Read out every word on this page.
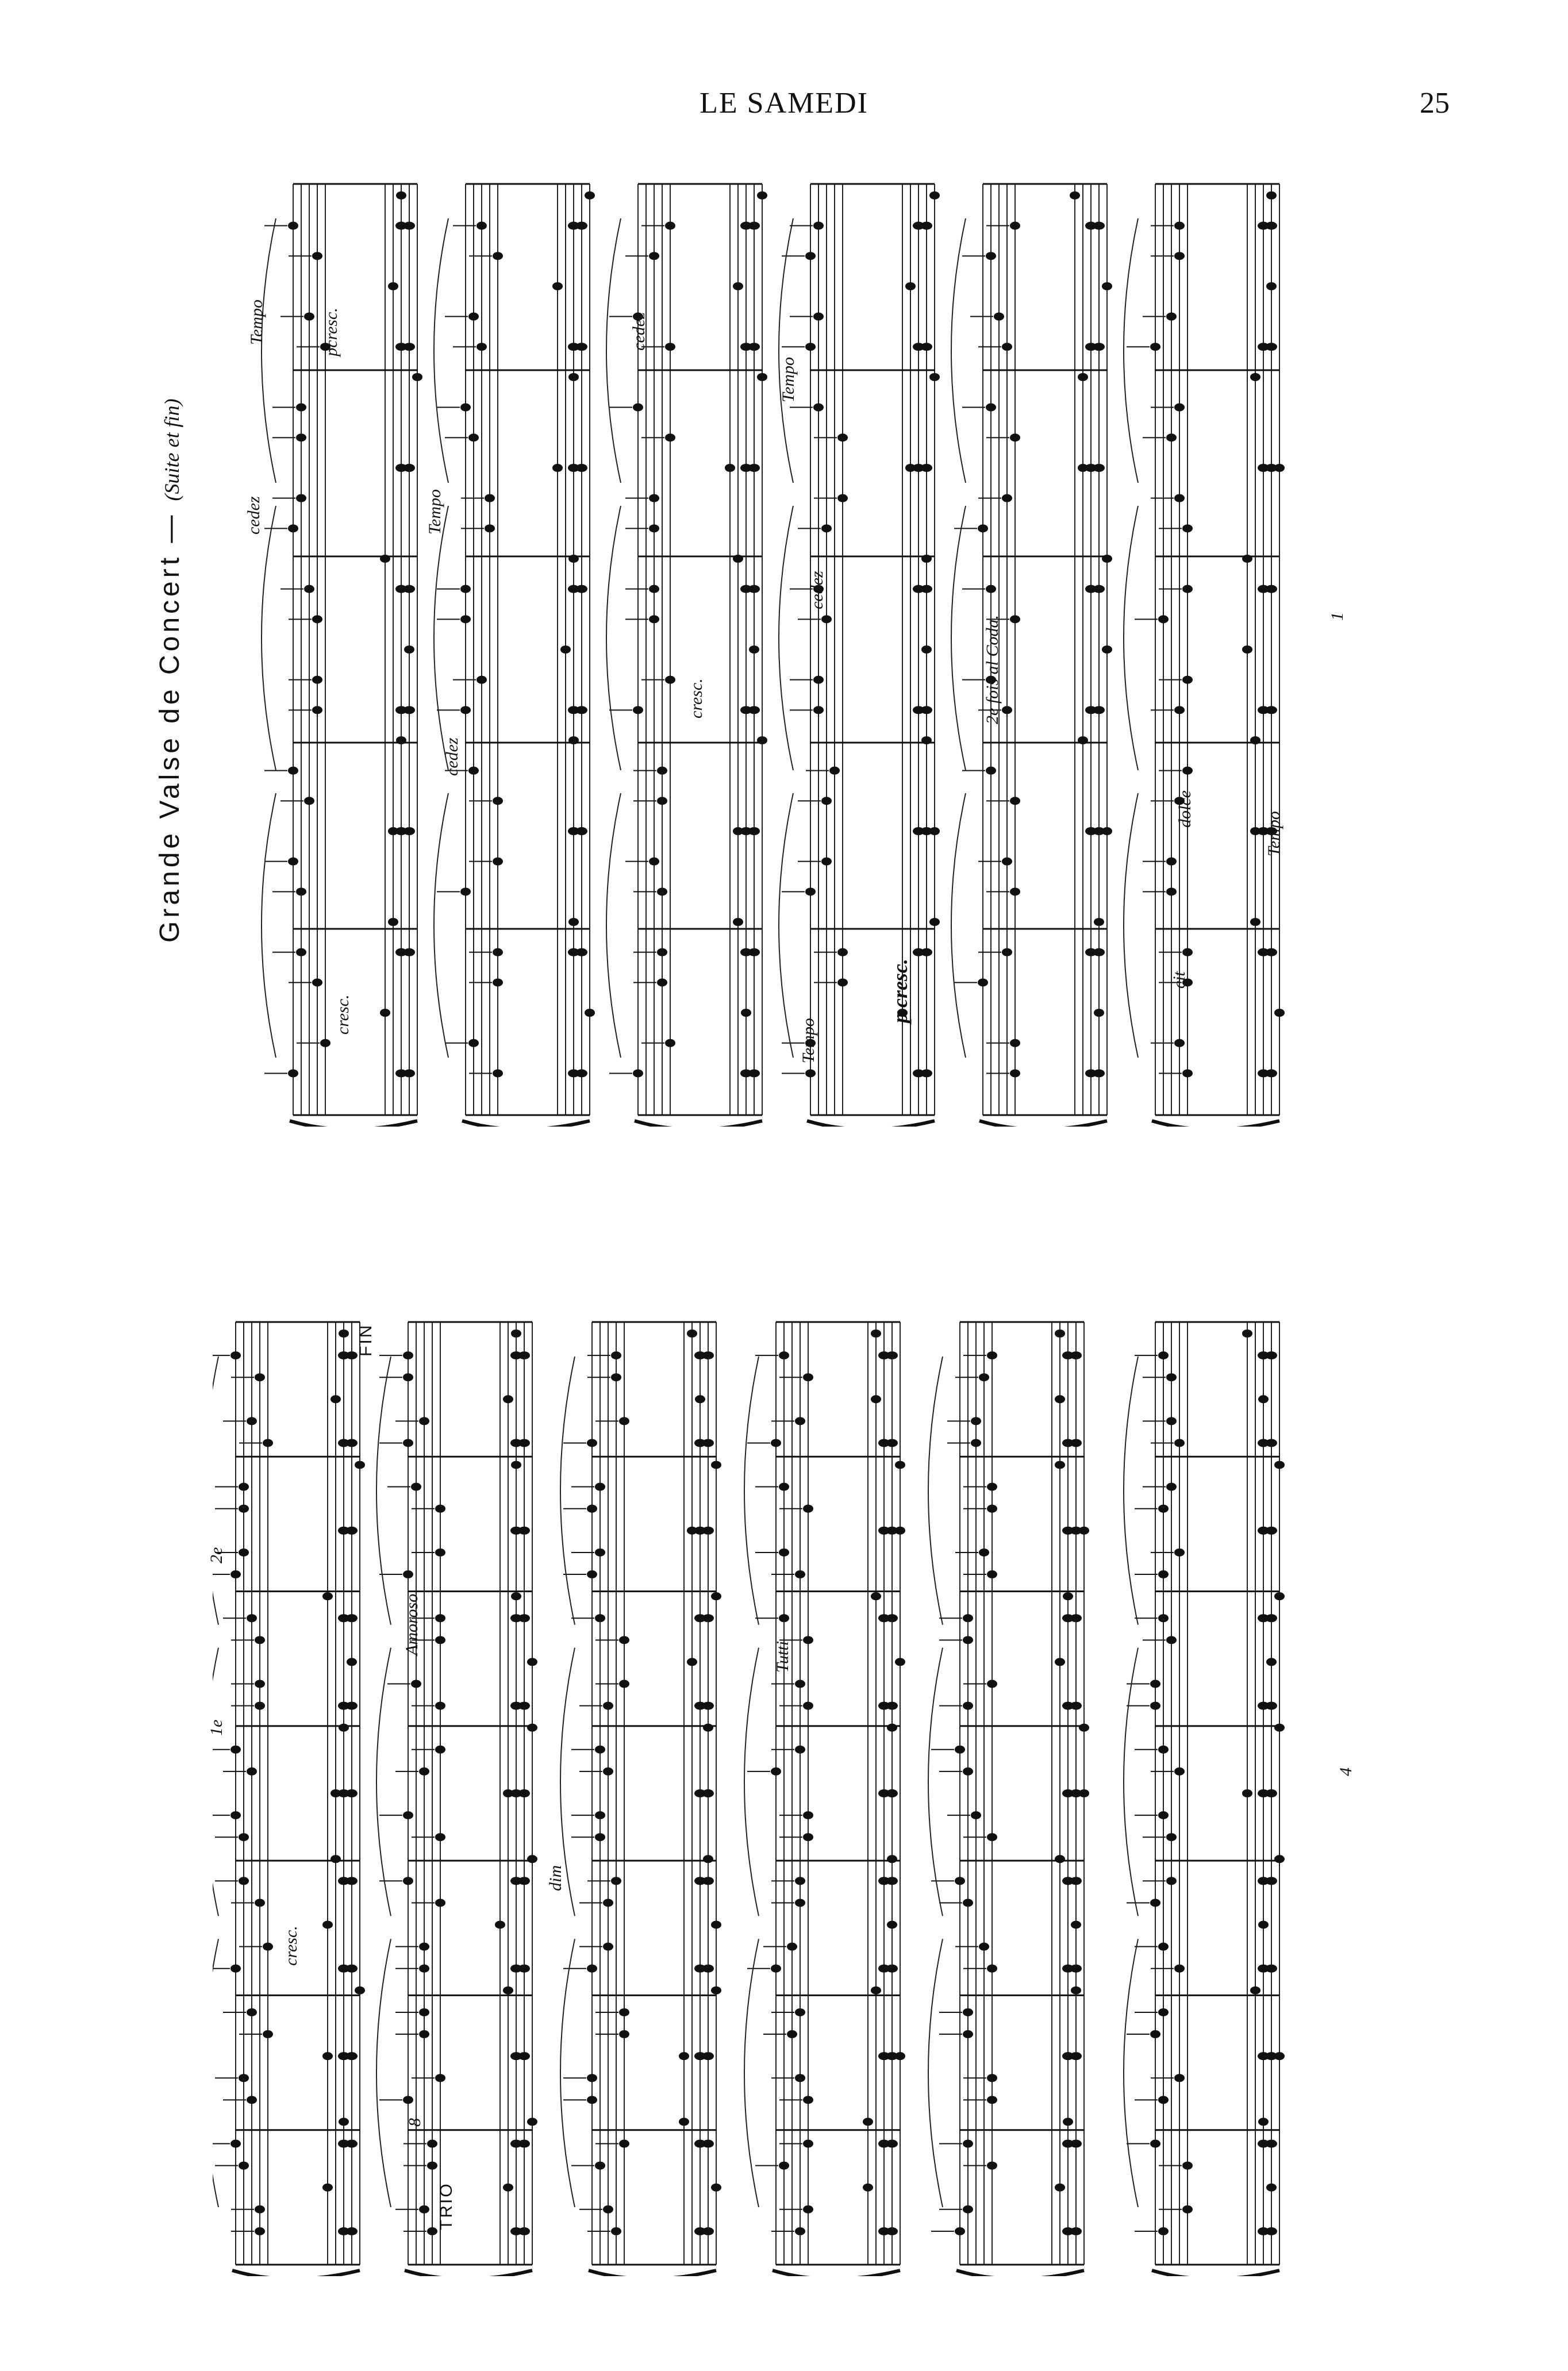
LE SAMEDI	25
Grande Valse de Concert — (Suite et fin)
Tempo
cedez
cresc.
pcresc.
Tempo
cedez
cedez
cresc.
Tempo
cedez
Tempo
p cresc.
2e fois al Coda.
cit
dolce
Tempo
1
TRIO
Amoroso
Tutti
1e
2e
FIN
cresc.
dim
8
4
